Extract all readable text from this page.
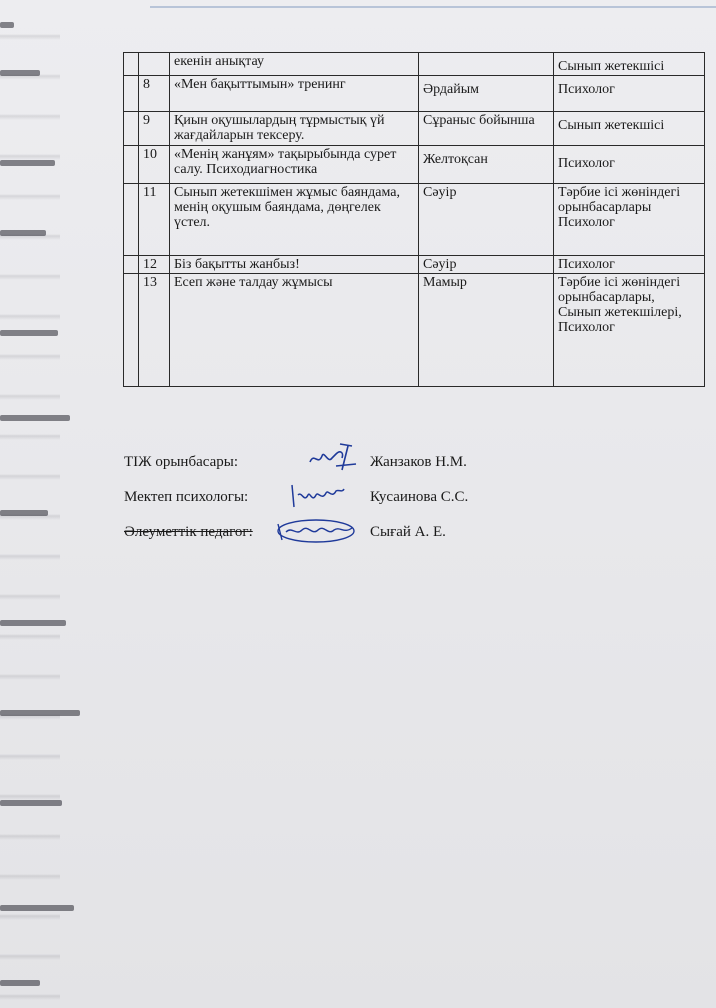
		екенін анықтау		Сынып жетекшісі
	8	«Мен бақыттымын» тренинг	Әрдайым	Психолог
	9	Қиын оқушылардың тұрмыстық үй жағдайларын тексеру.	Сұраныс бойынша	Сынып жетекшісі
	10	«Менің жанұям» тақырыбында сурет салу. Психодиагностика	Желтоқсан	Психолог
	11	Сынып жетекшімен жұмыс баяндама, менің оқушым баяндама, дөңгелек үстел.	Сәуір	Тәрбие ісі жөніндегі орынбасарлары Психолог
	12	Біз бақытты жанбыз!	Сәуір	Психолог
	13	Есеп және талдау жұмысы	Мамыр	Тәрбие ісі жөніндегі орынбасарлары, Сынып жетекшілері, Психолог
ТІЖ орынбасары:	Жанзаков Н.М.
Мектеп психологы:	Кусаинова С.С.
Әлеуметтік педагог:	Сығай А. Е.
